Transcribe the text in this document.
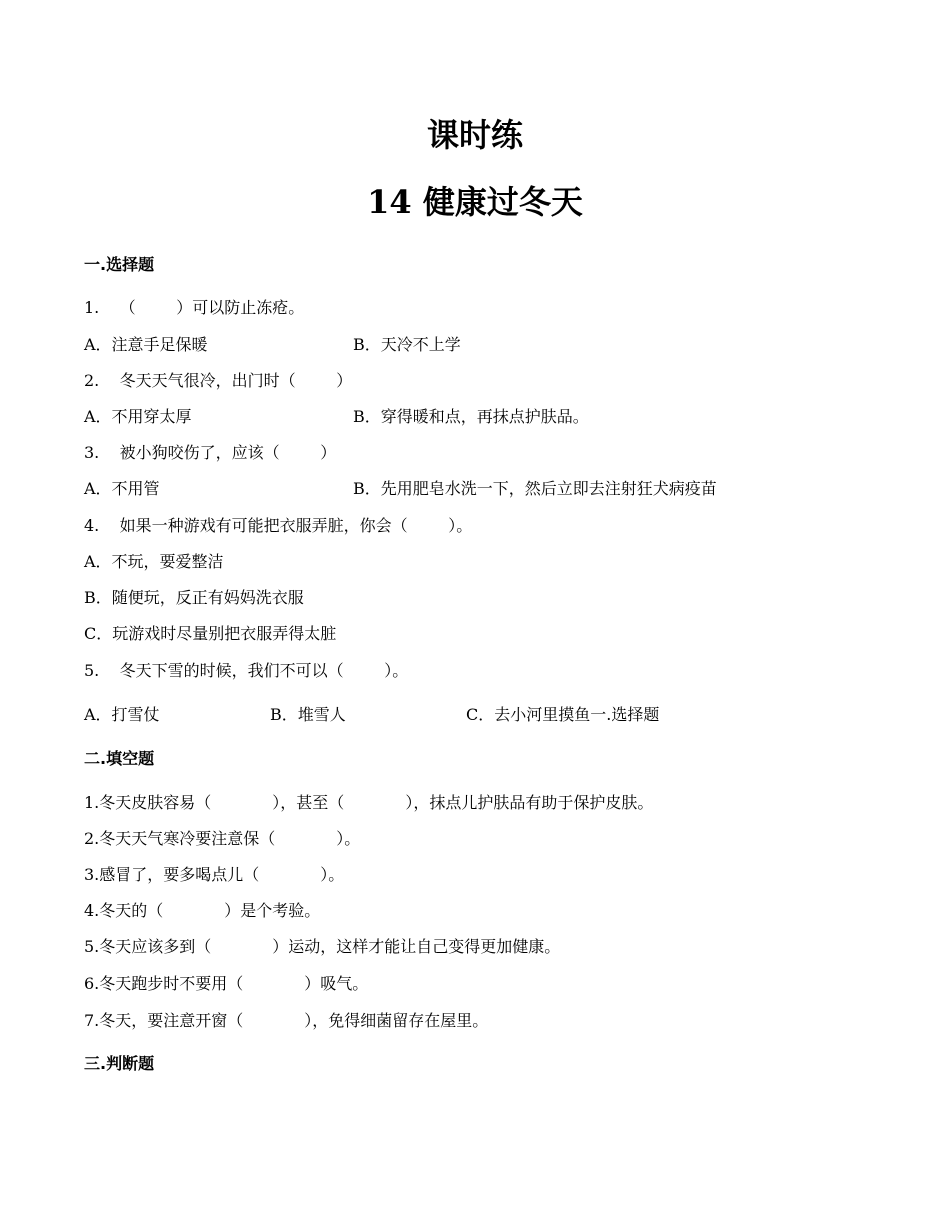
课时练
14 健康过冬天
一.选择题
1.    （        ）可以防止冻疮。
A．注意手足保暖	B．天冷不上学
2.    冬天天气很冷，出门时（        ）
A．不用穿太厚	B．穿得暖和点，再抹点护肤品。
3.    被小狗咬伤了，应该（        ）
A．不用管	B．先用肥皂水洗一下，然后立即去注射狂犬病疫苗
4.    如果一种游戏有可能把衣服弄脏，你会（        ）。
A．不玩，要爱整洁
B．随便玩，反正有妈妈洗衣服
C．玩游戏时尽量别把衣服弄得太脏
5.    冬天下雪的时候，我们不可以（        ）。
A．打雪仗	B．堆雪人	C．去小河里摸鱼一.选择题
二.填空题
1.冬天皮肤容易（            ），甚至（            ），抹点儿护肤品有助于保护皮肤。
2.冬天天气寒冷要注意保（            ）。
3.感冒了，要多喝点儿（            ）。
4.冬天的（            ）是个考验。
5.冬天应该多到（            ）运动，这样才能让自己变得更加健康。
6.冬天跑步时不要用（            ）吸气。
7.冬天，要注意开窗（            ），免得细菌留存在屋里。
三.判断题
